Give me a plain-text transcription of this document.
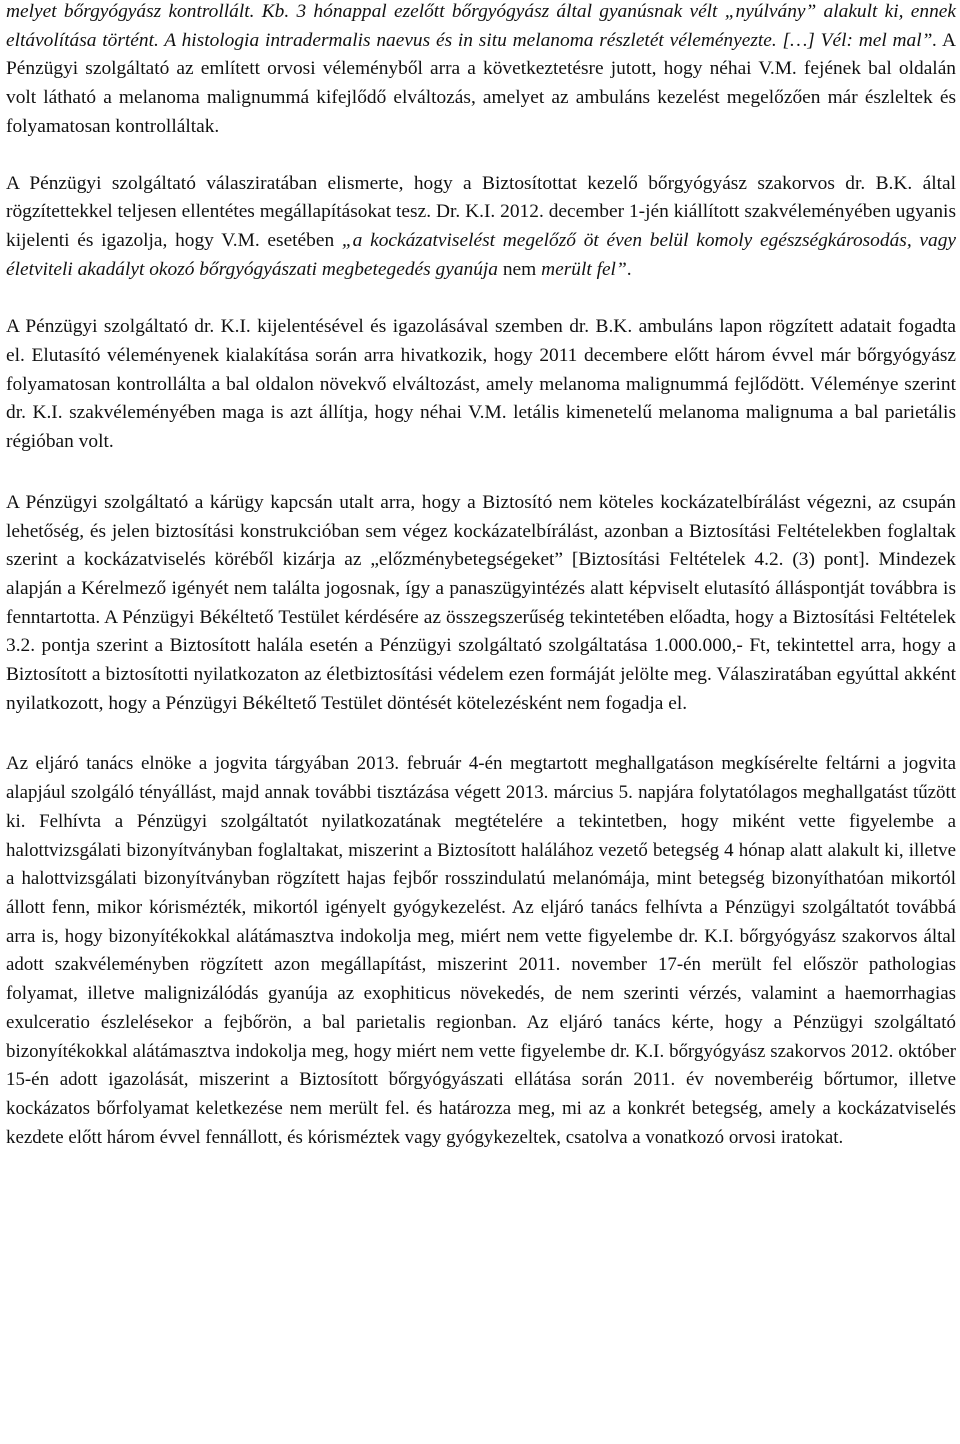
melyet bőrgyógyász kontrollált. Kb. 3 hónappal ezelőtt bőrgyógyász által gyanúsnak vélt „nyúlvány” alakult ki, ennek eltávolítása történt. A histologia intradermalis naevus és in situ melanoma részletét véleményezte. […] Vél: mel mal”. A Pénzügyi szolgáltató az említett orvosi véleményből arra a következtetésre jutott, hogy néhai V.M. fejének bal oldalán volt látható a melanoma malignummá kifejlődő elváltozás, amelyet az ambuláns kezelést megelőzően már észleltek és folyamatosan kontrolláltak.

A Pénzügyi szolgáltató válasziratában elismerte, hogy a Biztosítottat kezelő bőrgyógyász szakorvos dr. B.K. által rögzítettekkel teljesen ellentétes megállapításokat tesz. Dr. K.I. 2012. december 1-jén kiállított szakvéleményében ugyanis kijelenti és igazolja, hogy V.M. esetében „a kockázatviselést megelőző öt éven belül komoly egészségkárosodás, vagy életviteli akadályt okozó bőrgyógyászati megbetegedés gyanúja nem merült fel”.

A Pénzügyi szolgáltató dr. K.I. kijelentésével és igazolásával szemben dr. B.K. ambuláns lapon rögzített adatait fogadta el. Elutasító véleményenek kialakítása során arra hivatkozik, hogy 2011 decembere előtt három évvel már bőrgyógyász folyamatosan kontrollálta a bal oldalon növekvő elváltozást, amely melanoma malignummá fejlődött. Véleménye szerint dr. K.I. szakvéleményében maga is azt állítja, hogy néhai V.M. letális kimenetelű melanoma malignuma a bal parietális régióban volt.

A Pénzügyi szolgáltató a kárügy kapcsán utalt arra, hogy a Biztosító nem köteles kockázatelbírálást végezni, az csupán lehetőség, és jelen biztosítási konstrukcióban sem végez kockázatelbírálást, azonban a Biztosítási Feltételekben foglaltak szerint a kockázatviselés köréből kizárja az „előzménybetegségeket” [Biztosítási Feltételek 4.2. (3) pont]. Mindezek alapján a Kérelmező igényét nem találta jogosnak, így a panaszügyintézés alatt képviselt elutasító álláspontját továbbra is fenntartotta. A Pénzügyi Békéltető Testület kérdésére az összegszerűség tekintetében előadta, hogy a Biztosítási Feltételek 3.2. pontja szerint a Biztosított halála esetén a Pénzügyi szolgáltató szolgáltatása 1.000.000,- Ft, tekintettel arra, hogy a Biztosított a biztosítotti nyilatkozaton az életbiztosítási védelem ezen formáját jelölte meg. Válasziratában egyúttal akként nyilatkozott, hogy a Pénzügyi Békéltető Testület döntését kötelezésként nem fogadja el.

Az eljáró tanács elnöke a jogvita tárgyában 2013. február 4-én megtartott meghallgatáson megkísérelte feltárni a jogvita alapjául szolgáló tényállást, majd annak további tisztázása végett 2013. március 5. napjára folytatólagos meghallgatást tűzött ki. Felhívta a Pénzügyi szolgáltatót nyilatkozatának megtételére a tekintetben, hogy miként vette figyelembe a halottvizsgálati bizonyítványban foglaltakat, miszerint a Biztosított halálához vezető betegség 4 hónap alatt alakult ki, illetve a halottvizsgálati bizonyítványban rögzített hajas fejbőr rosszindulatú melanómája, mint betegség bizonyíthatóan mikortól állott fenn, mikor kórismézték, mikortól igényelt gyógykezelést. Az eljáró tanács felhívta a Pénzügyi szolgáltatót továbbá arra is, hogy bizonyítékokkal alátámasztva indokolja meg, miért nem vette figyelembe dr. K.I. bőrgyógyász szakorvos által adott szakvéleményben rögzített azon megállapítást, miszerint 2011. november 17-én merült fel először pathologias folyamat, illetve malignizálódás gyanúja az exophiticus növekedés, de nem szerinti vérzés, valamint a haemorrhagias exulceratio észlelésekor a fejbőrön, a bal parietalis regionban. Az eljáró tanács kérte, hogy a Pénzügyi szolgáltató bizonyítékokkal alátámasztva indokolja meg, hogy miért nem vette figyelembe dr. K.I. bőrgyógyász szakorvos 2012. október 15-én adott igazolását, miszerint a Biztosított bőrgyógyászati ellátása során 2011. év novemberéig bőrtumor, illetve kockázatos bőrfolyamat keletkezése nem merült fel. és határozza meg, mi az a konkrét betegség, amely a kockázatviselés kezdete előtt három évvel fennállott, és kórisméztek vagy gyógykezeltek, csatolva a vonatkozó orvosi iratokat.
